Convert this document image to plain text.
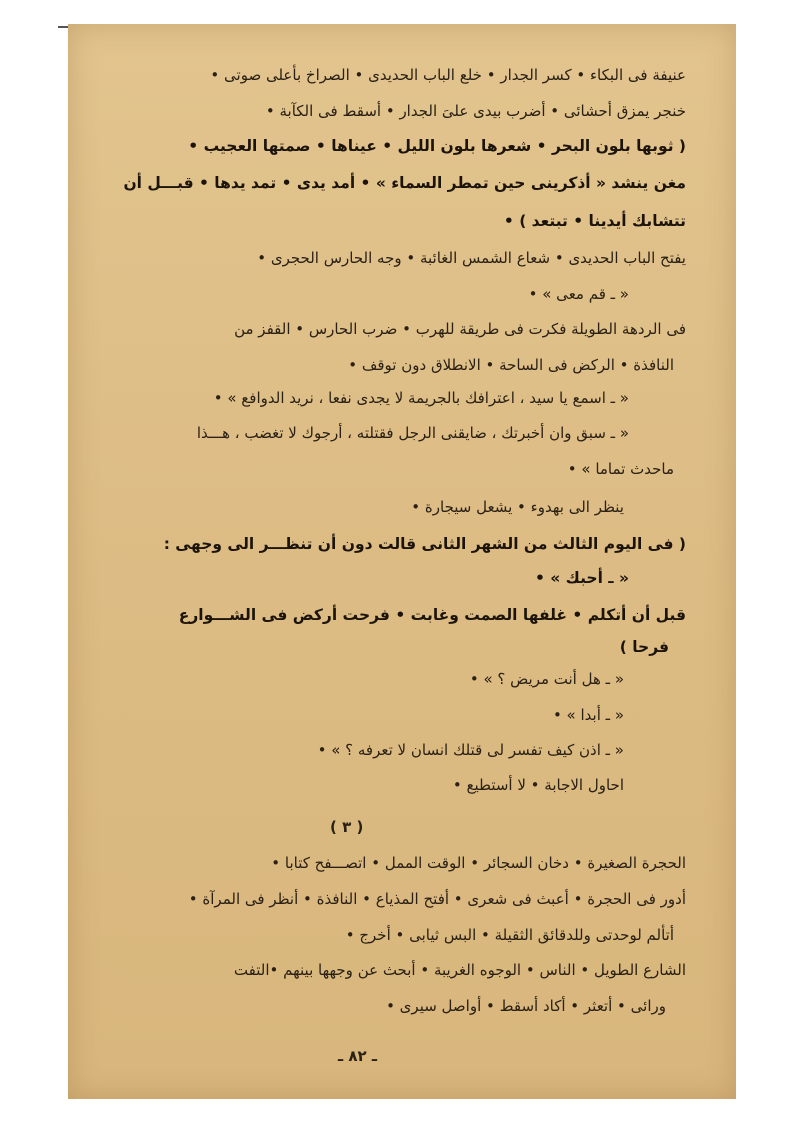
عنيفة فى البكاء • كسر الجدار • خلع الباب الحديدى • الصراخ بأعلى صوتى •
خنجر يمزق أحشائى • أضرب بيدى علىَ الجدار • أسقط فى الكآبة •
( ثوبها بلون البحر • شعرها بلون الليل • عيناها • صمتها العجيب •
مغن ينشد « أذكرينى حين تمطر السماء » • أمد يدى • تمد يدها • قبـــل أن
تتشابك أيدينا • تبتعد ) •
يفتح الباب الحديدى • شعاع الشمس الغائبة • وجه الحارس الحجرى •
« ـ قم معى » •
فى الردهة الطويلة فكرت فى طريقة للهرب • ضرب الحارس • القفز من
النافذة • الركض فى الساحة • الانطلاق دون توقف •
« ـ اسمع يا سيد ، اعترافك بالجريمة لا يجدى نفعا ، نريد الدوافع » •
« ـ سبق وان أخبرتك ، ضايقنى الرجل فقتلته ، أرجوك لا تغضب ، هـــذا
ماحدث تماما » •
ينظر الى بهدوء • يشعل سيجارة •
( فى اليوم الثالث من الشهر الثانى قالت دون أن تنظـــر الى وجهى :
« ـ أحبك » •
قبل أن أتكلم • غلفها الصمت وغابت • فرحت أركض فى الشـــوارع
فرحا )
« ـ هل أنت مريض ؟ » •
« ـ أبدا » •
« ـ اذن كيف تفسر لى قتلك انسان لا تعرفه ؟ » •
احاول الاجابة • لا أستطيع •
( ٣ )
الحجرة الصغيرة • دخان السجائر • الوقت الممل • اتصـــفح كتابا •
أدور فى الحجرة • أعبث فى شعرى • أفتح المذياع • النافذة • أنظر فى المرآة •
أتألم لوحدتى وللدقائق الثقيلة • البس ثيابى • أخرج •
الشارع الطويل • الناس • الوجوه الغريبة • أبحث عن وجهها بينهم •التفت
ورائى • أتعثر • أكاد أسقط • أواصل سيرى •
ـ ٨٢ ـ
